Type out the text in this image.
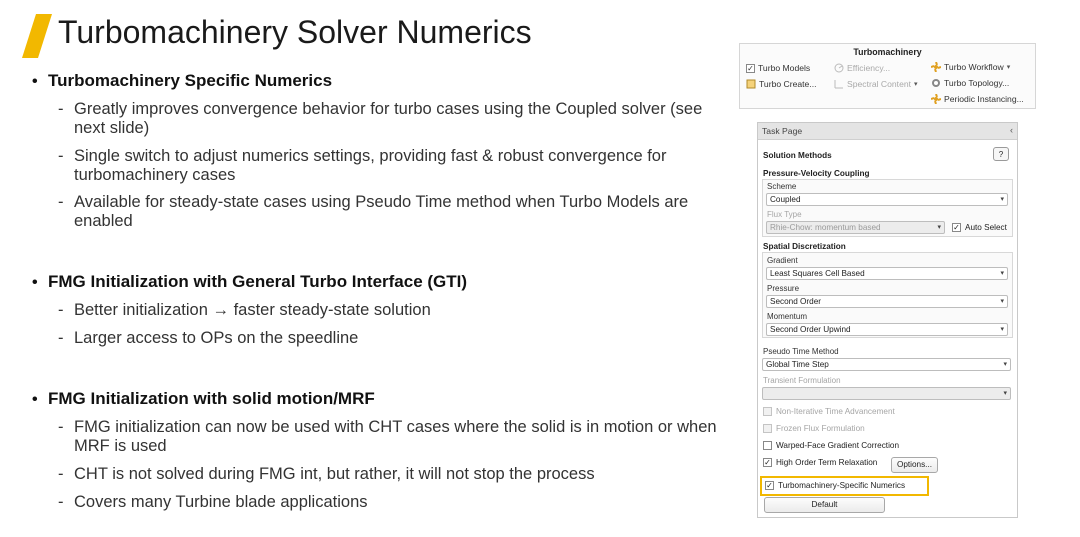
Turbomachinery Solver Numerics
• Turbomachinery Specific Numerics
- Greatly improves convergence behavior for turbo cases using the Coupled solver (see next slide)
- Single switch to adjust numerics settings, providing fast & robust convergence for turbomachinery cases
- Available for steady-state cases using Pseudo Time method when Turbo Models are enabled
• FMG Initialization with General Turbo Interface (GTI)
- Better initialization → faster steady-state solution
- Larger access to OPs on the speedline
• FMG Initialization with solid motion/MRF
- FMG initialization can now be used with CHT cases where the solid is in motion or when MRF is used
- CHT is not solved during FMG int, but rather, it will not stop the process
- Covers many Turbine blade applications
Turbomachinery
✓ Turbo Models	Efficiency...	Turbo Workflow ▾
Turbo Create...	Spectral Content ▾	Turbo Topology...
Periodic Instancing...
Task Page	‹
Solution Methods	?
Pressure-Velocity Coupling
Scheme
Coupled	▾
Flux Type
Rhie-Chow: momentum based	▾ ✓ Auto Select
Spatial Discretization
Gradient
Least Squares Cell Based	▾
Pressure
Second Order	▾
Momentum
Second Order Upwind	▾
Pseudo Time Method
Global Time Step	▾
Transient Formulation
▾
Non-Iterative Time Advancement
Frozen Flux Formulation
Warped-Face Gradient Correction
✓ High Order Term Relaxation	Options...
✓ Turbomachinery-Specific Numerics
Default
